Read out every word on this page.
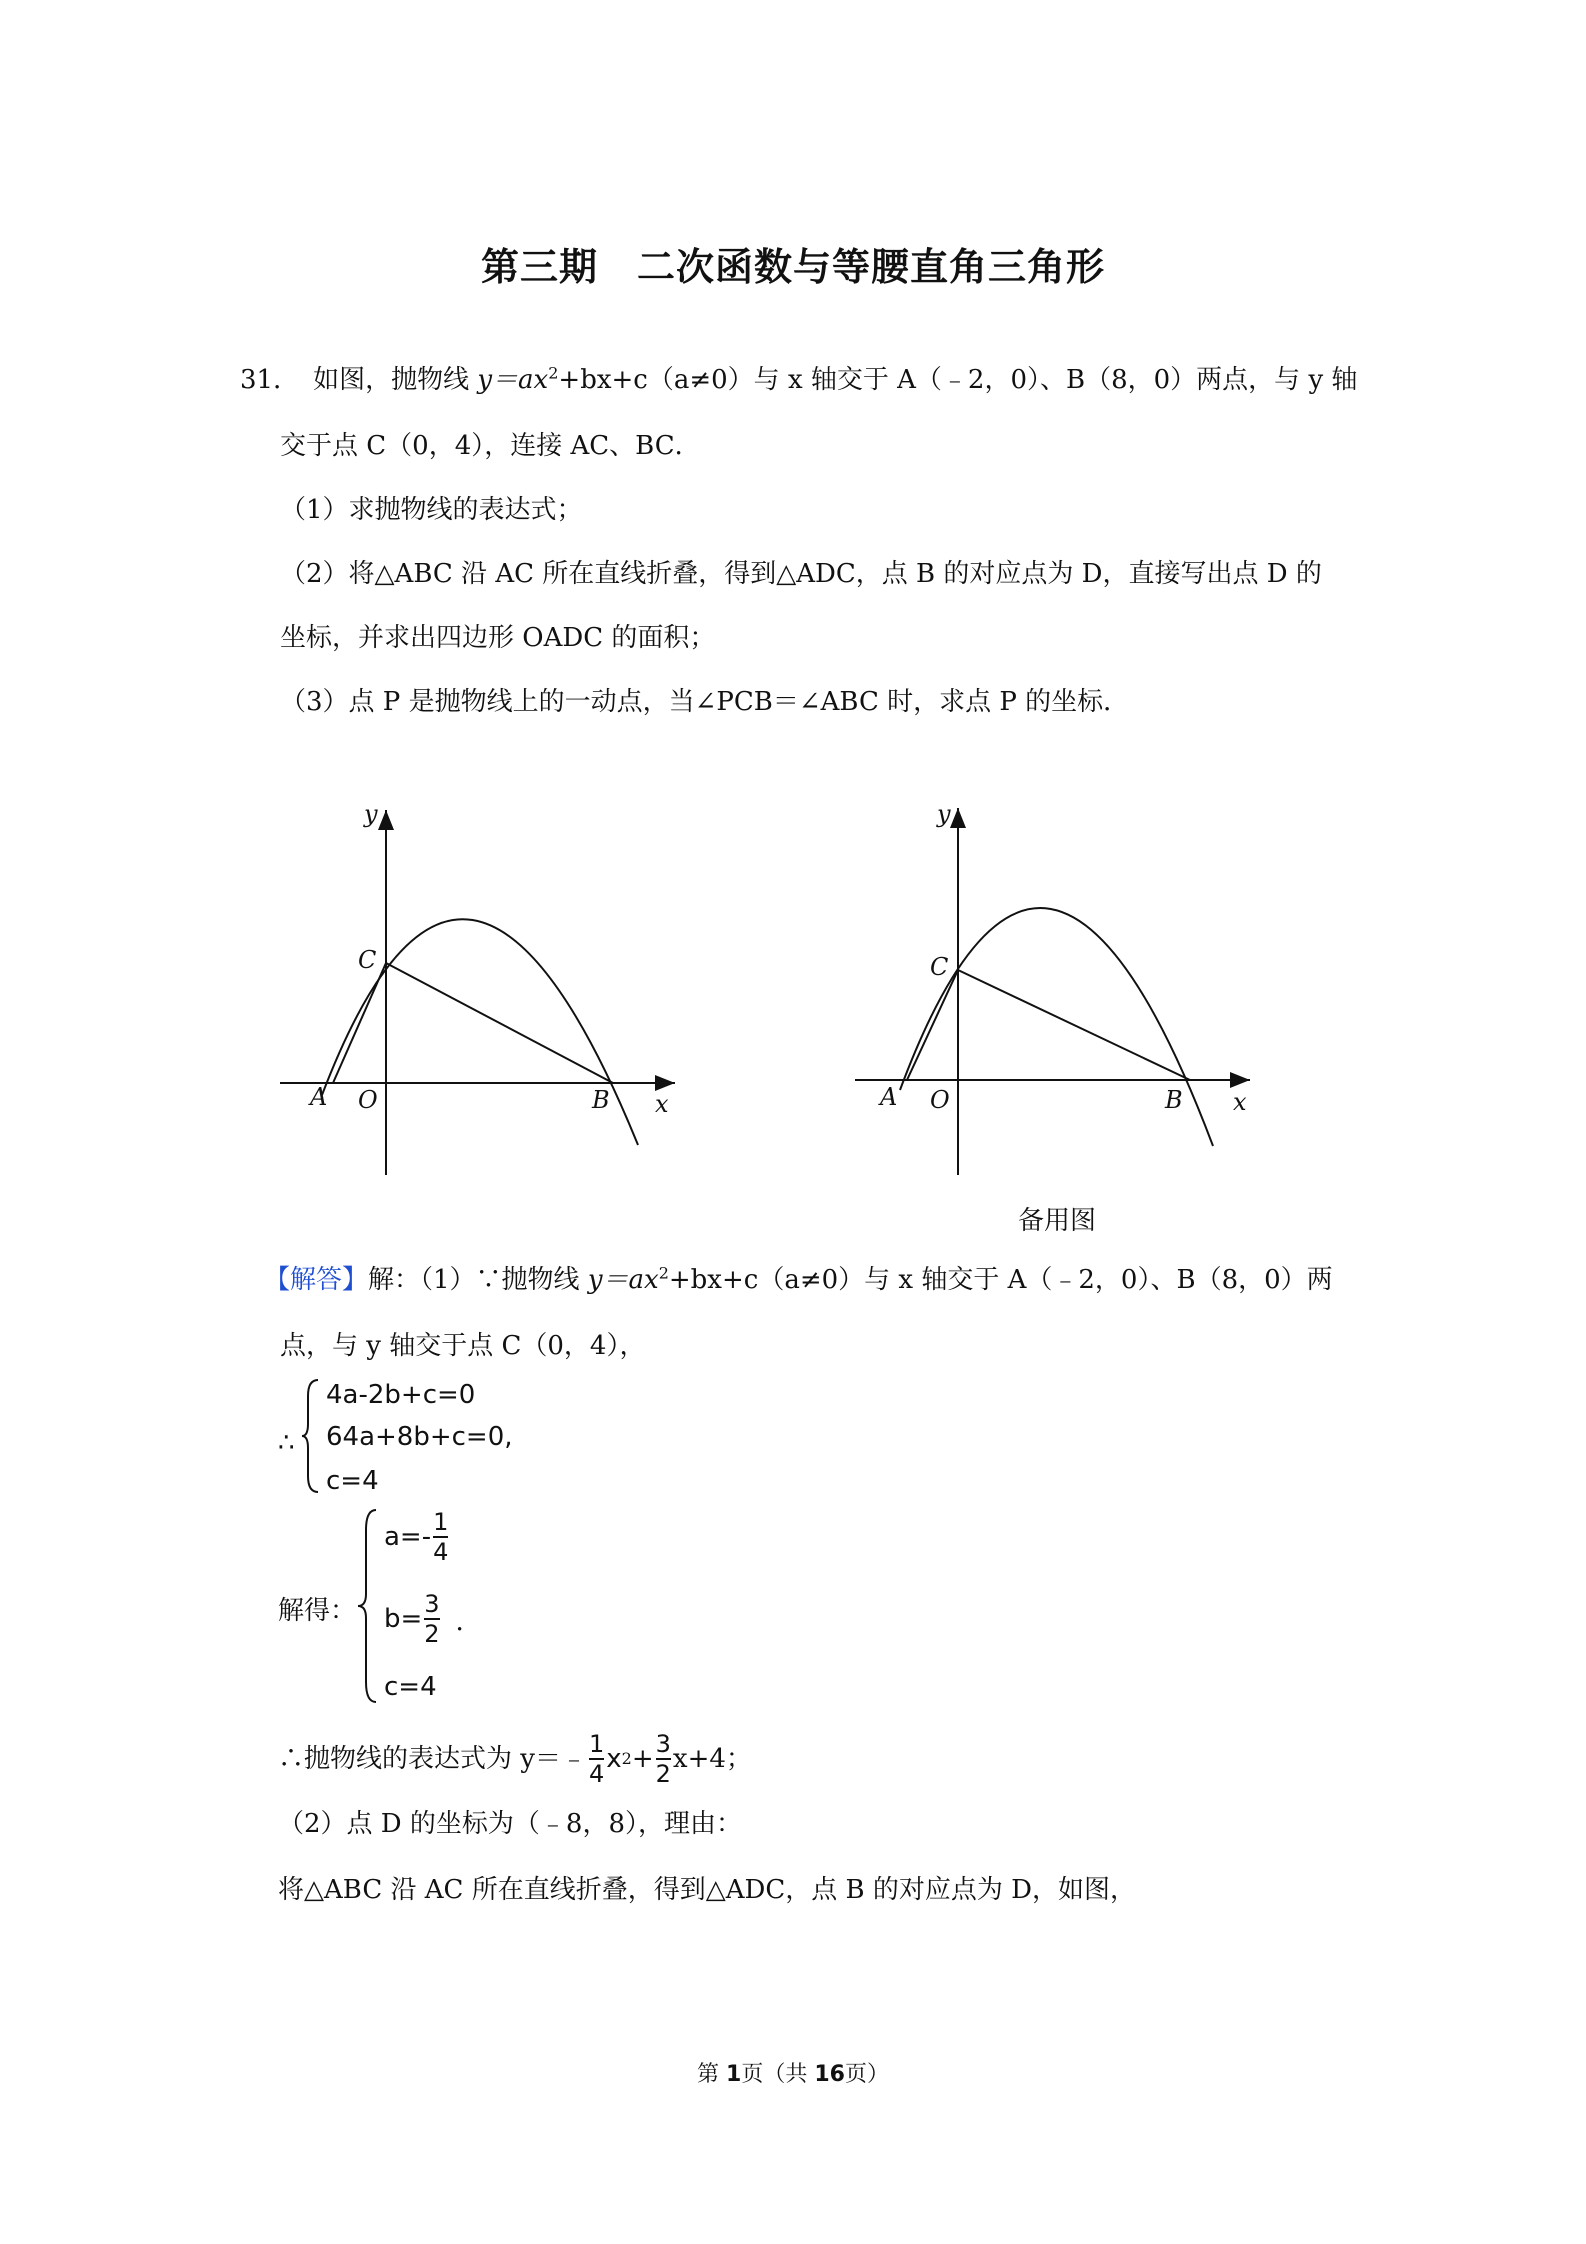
第三期　二次函数与等腰直角三角形
31． 如图，抛物线 $y=ax^2+bx+c(a\ne 0)$与 x 轴交于 A（﹣2，0）、B（8，0）两点，与 y 轴
交于点 C（0，4），连接 AC、BC．
（1）求抛物线的表达式；
（2）将△ABC 沿 AC 所在直线折叠，得到△ADC，点 B 的对应点为 D，直接写出点 D 的
坐标，并求出四边形 OADC 的面积；
（3）点 P 是抛物线上的一动点，当∠PCB＝∠ABC 时，求点 P 的坐标．
y
x
A O	B
C
y
x
A O	B
C
备用图
【解答】解：（1）∵抛物线 $y=ax^2+bx+c(a\ne 0)$与 x 轴交于 A（﹣2，0）、B（8，0）两
点，与 y 轴交于点 C（0，4），
∴
4a-2b+c=0
64a+8b+c=0,
c=4
解得：
$a=- \frac{1}{4}$
$b= \frac{3}{2}$ ．
c=4
∴抛物线的表达式为 y＝﹣ $\frac{1}{4}$ x $2 + \frac{3}{2} x+4$；
（2）点 D 的坐标为（﹣8，8），理由：
将△ABC 沿 AC 所在直线折叠，得到△ADC，点 B 的对应点为 D，如图，
第 1页（共 16页）
